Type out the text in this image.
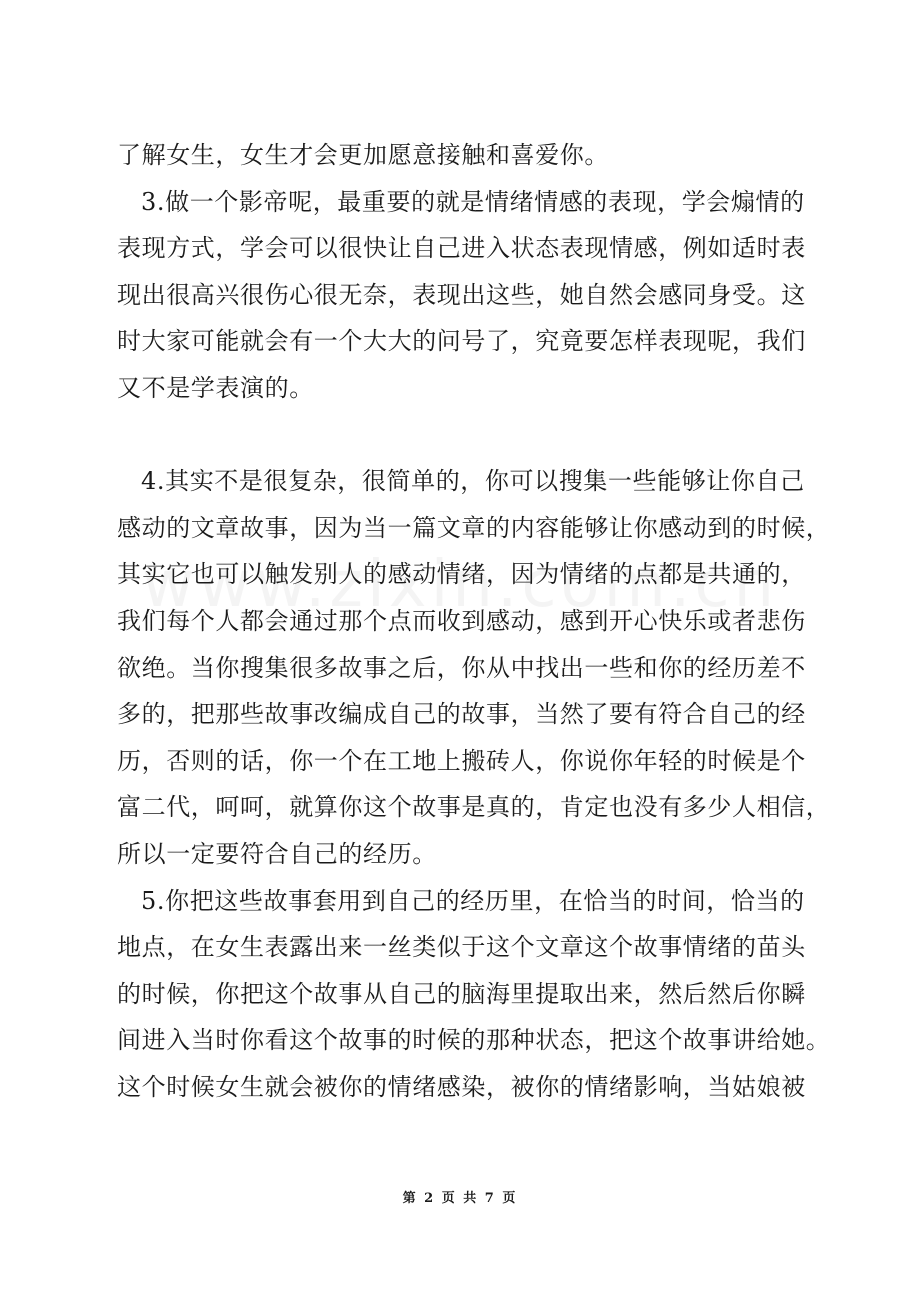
了解女生，女生才会更加愿意接触和喜爱你。
3.做一个影帝呢，最重要的就是情绪情感的表现，学会煽情的
表现方式，学会可以很快让自己进入状态表现情感，例如适时表
现出很高兴很伤心很无奈，表现出这些，她自然会感同身受。这
时大家可能就会有一个大大的问号了，究竟要怎样表现呢，我们
又不是学表演的。
4.其实不是很复杂，很简单的，你可以搜集一些能够让你自己
感动的文章故事，因为当一篇文章的内容能够让你感动到的时候，
其实它也可以触发别人的感动情绪，因为情绪的点都是共通的，
我们每个人都会通过那个点而收到感动，感到开心快乐或者悲伤
欲绝。当你搜集很多故事之后，你从中找出一些和你的经历差不
多的，把那些故事改编成自己的故事，当然了要有符合自己的经
历，否则的话，你一个在工地上搬砖人，你说你年轻的时候是个
富二代，呵呵，就算你这个故事是真的，肯定也没有多少人相信，
所以一定要符合自己的经历。
5.你把这些故事套用到自己的经历里，在恰当的时间，恰当的
地点，在女生表露出来一丝类似于这个文章这个故事情绪的苗头
的时候，你把这个故事从自己的脑海里提取出来，然后然后你瞬
间进入当时你看这个故事的时候的那种状态，把这个故事讲给她。
这个时候女生就会被你的情绪感染，被你的情绪影响，当姑娘被
第 2 页 共 7 页
